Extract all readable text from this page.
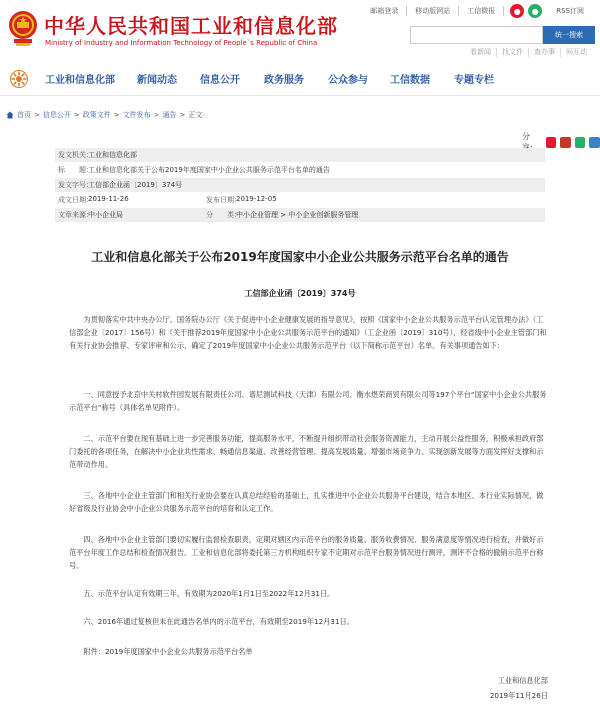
中华人民共和国工业和信息化部
Ministry of Industry and Information Technology of People`s Republic of China
邮箱登录	移动版网站	工信微报	●	●	RSS订阅
统一搜索
看新闻	找文件	查办事	问互动
工业和信息化部	新闻动态	信息公开	政务服务	公众参与	工信数据	专题专栏
首页 > 信息公开 > 政策文件 > 文件发布 > 通告 > 正文
分
发文机关：
工业和信息化部
标　　题：
工业和信息化部关于公布2019年度国家中小企业公共服务示范平台名单的通告
发文字号：
工信部企业函〔2019〕374号
成文日期：
2019-11-26	发布日期：
2019-12-05
文章来源：
中小企业局	分　　类：
中小企业管理 > 中小企业创新服务管理
工业和信息化部关于公布2019年度国家中小企业公共服务示范平台名单的通告
工信部企业函〔2019〕374号

为贯彻落实中共中央办公厅、国务院办公厅《关于促进中小企业健康发展的指导意见》，按照《国家中小企业公共服务示范平台认定管理办法》（工信部企业〔2017〕156号）和《关于推荐2019年度国家中小企业公共服务示范平台的通知》（工企业函〔2019〕310号），经省级中小企业主管部门和有关行业协会推荐、专家评审和公示，确定了2019年度国家中小企业公共服务示范平台（以下简称示范平台）名单。有关事项通告如下：

一、同意授予北京中关村软件园发展有限责任公司、谱尼测试科技（天津）有限公司、衡水煜荣商贸有限公司等197个平台“国家中小企业公共服务示范平台”称号（具体名单见附件）。

二、示范平台要在现有基础上进一步完善服务功能，提高服务水平，不断提升组织带动社会服务资源能力，主动开展公益性服务，积极承担政府部门委托的各项任务，在解决中小企业共性需求、畅通信息渠道、改善经营管理、提高发展质量、增强市场竞争力、实现创新发展等方面发挥好支撑和示范带动作用。

三、各地中小企业主管部门和相关行业协会要在认真总结经验的基础上，扎实推进中小企业公共服务平台建设，结合本地区、本行业实际情况，做好省级及行业协会中小企业公共服务示范平台的培育和认定工作。

四、各地中小企业主管部门要切实履行监督检查职责，定期对辖区内示范平台的服务质量、服务收费情况、服务满意度等情况进行检查，并做好示范平台年度工作总结和检查情况报告。工业和信息化部将委托第三方机构组织专家不定期对示范平台服务情况进行测评，测评不合格的撤销示范平台称号。

五、示范平台认定有效期三年，有效期为2020年1月1日至2022年12月31日。

六、2016年通过复核但未在此通告名单内的示范平台，有效期至2019年12月31日。

附件：2019年度国家中小企业公共服务示范平台名单

工业和信息化部
2019年11月26日
